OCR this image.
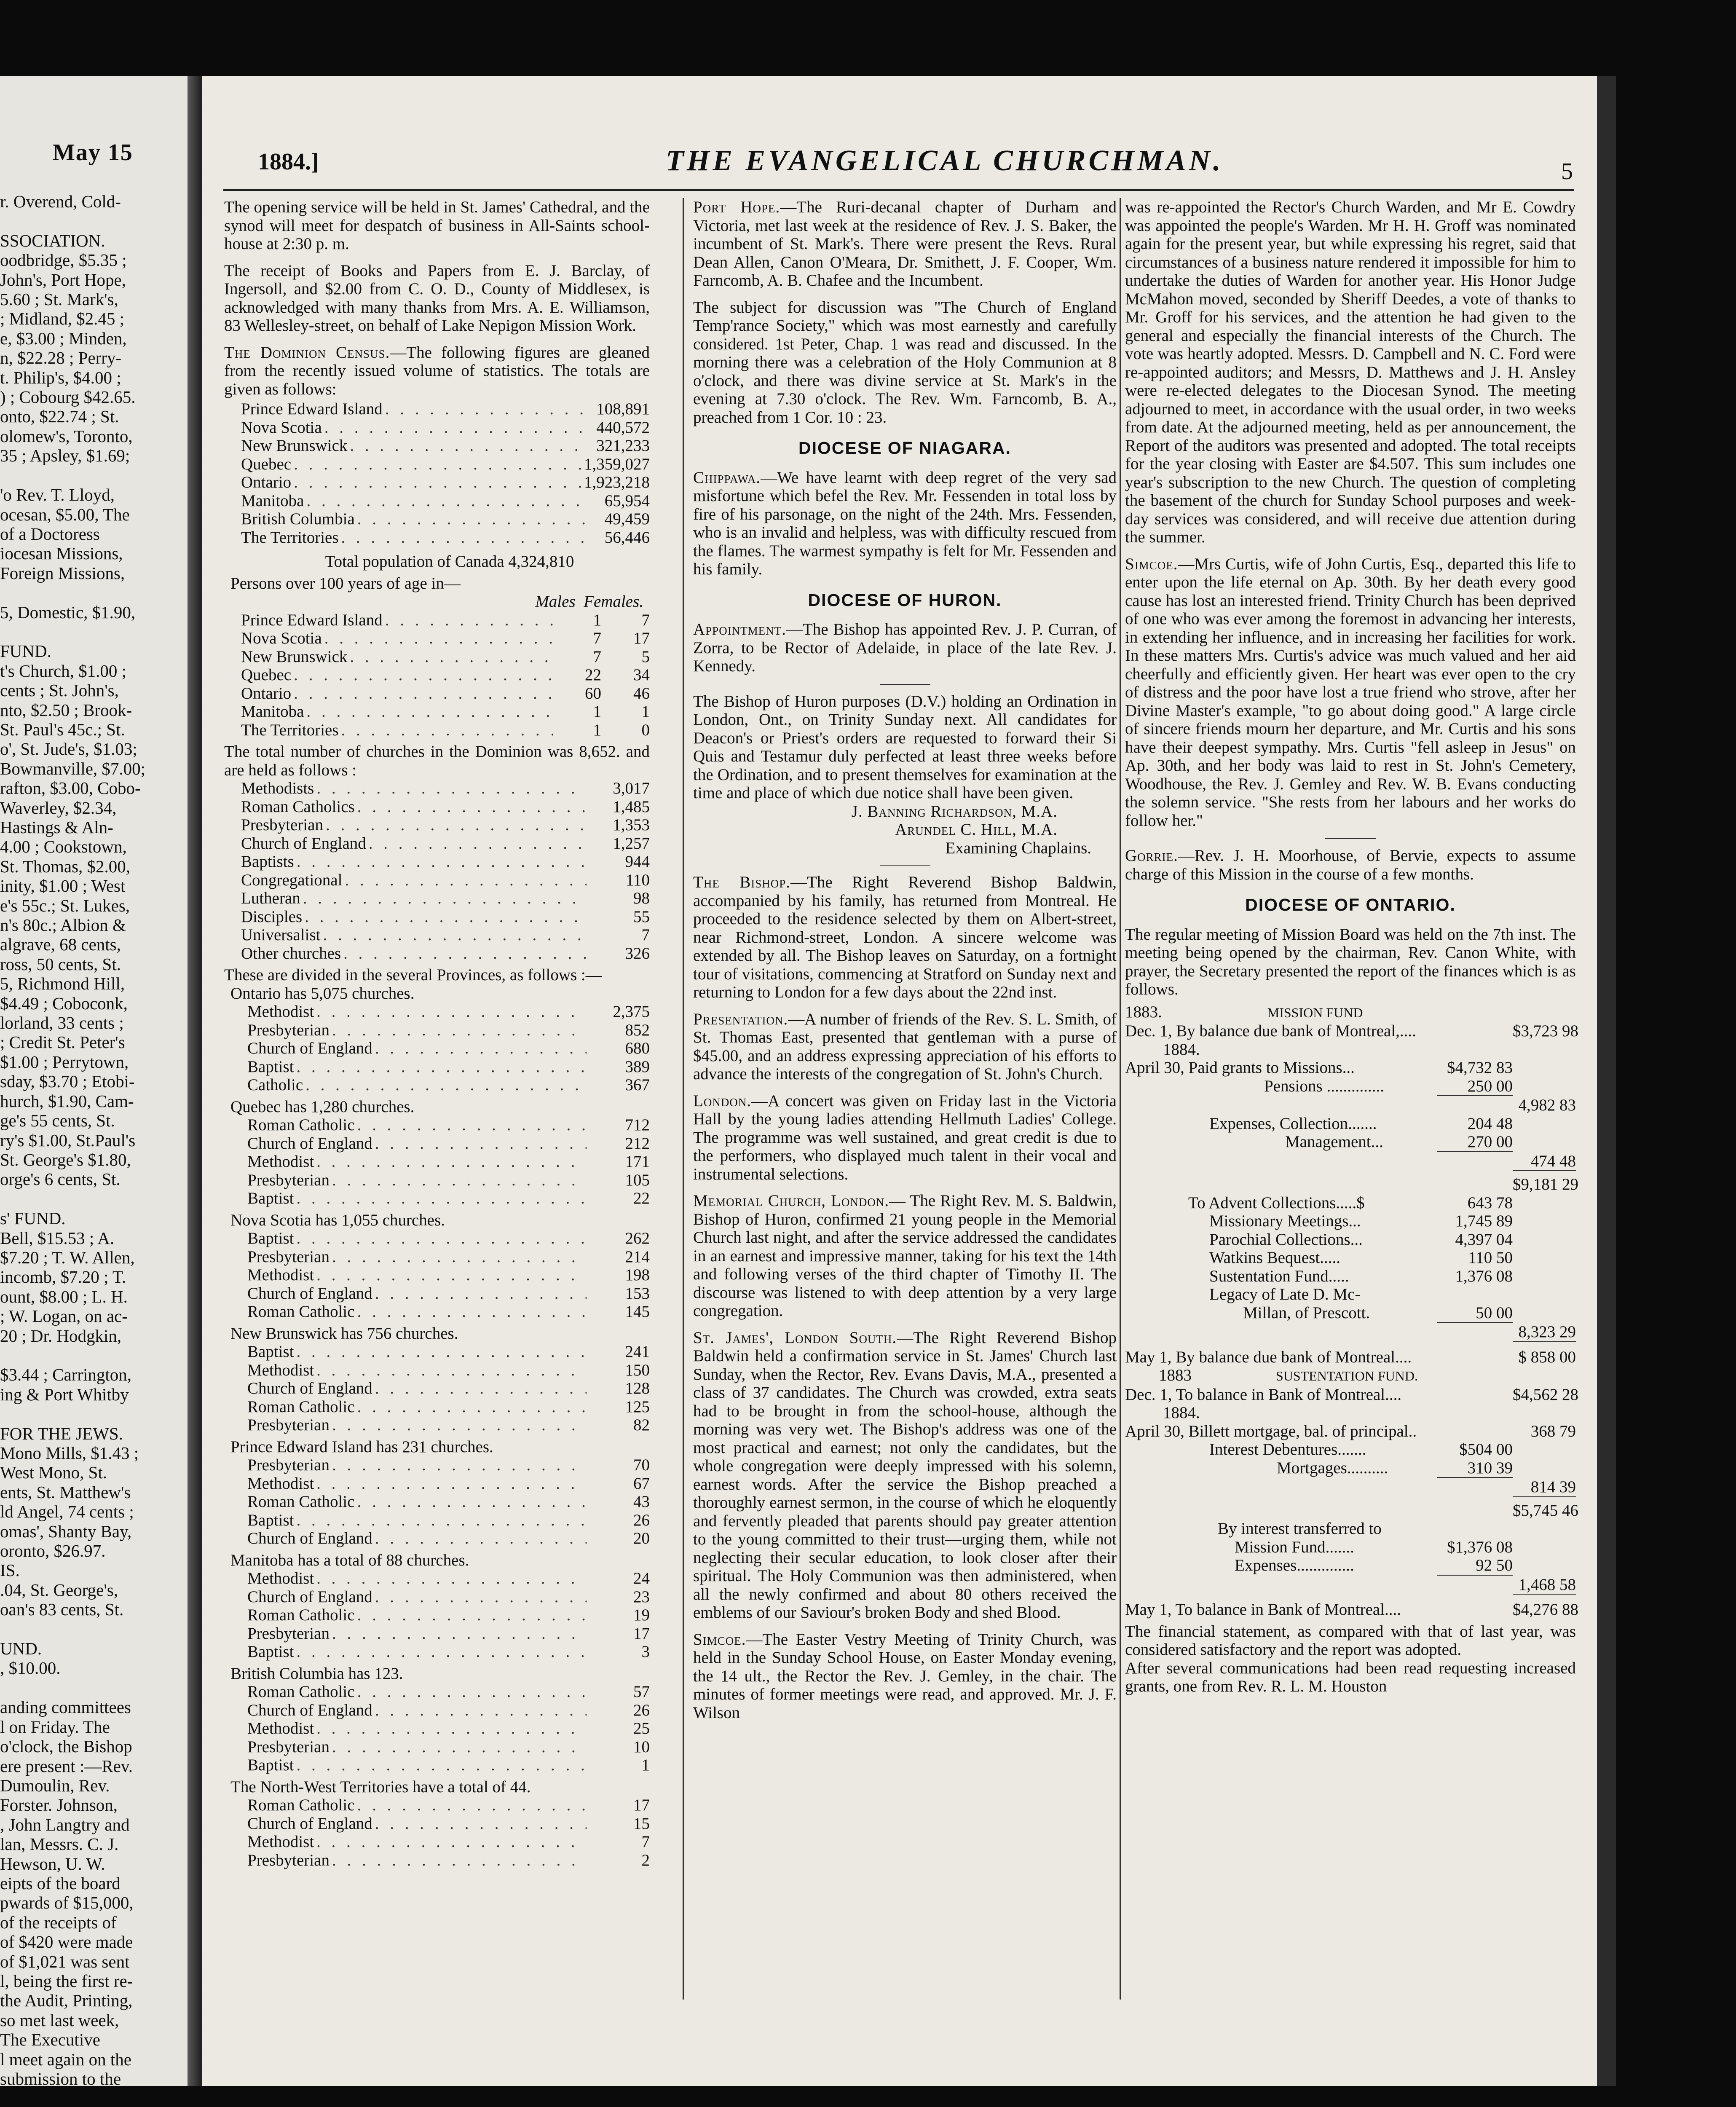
May 15
r. Overend, Cold-

SSOCIATION.
oodbridge, $5.35 ;
John's, Port Hope,
5.60 ; St. Mark's,
; Midland, $2.45 ;
e, $3.00 ; Minden,
n, $22.28 ; Perry-
t. Philip's, $4.00 ;
) ; Cobourg $42.65.
onto, $22.74 ; St.
olomew's, Toronto,
35 ; Apsley, $1.69;

'o Rev. T. Lloyd,
ocesan, $5.00, The
of a Doctoress
iocesan Missions,
Foreign Missions,

5, Domestic, $1.90,

FUND.
t's Church, $1.00 ;
cents ; St. John's,
nto, $2.50 ; Brook-
St. Paul's 45c.; St.
o', St. Jude's, $1.03;
Bowmanville, $7.00;
rafton, $3.00, Cobo-
Waverley, $2.34,
Hastings & Aln-
4.00 ; Cookstown,
St. Thomas, $2.00,
inity, $1.00 ; West
e's 55c.; St. Lukes,
n's 80c.; Albion &
algrave, 68 cents,
ross, 50 cents, St.
5, Richmond Hill,
$4.49 ; Coboconk,
lorland, 33 cents ;
; Credit St. Peter's
$1.00 ; Perrytown,
sday, $3.70 ; Etobi-
hurch, $1.90, Cam-
ge's 55 cents, St.
ry's $1.00, St.Paul's
St. George's $1.80,
orge's 6 cents, St.

s' FUND.
Bell, $15.53 ; A.
$7.20 ; T. W. Allen,
incomb, $7.20 ; T.
ount, $8.00 ; L. H.
; W. Logan, on ac-
20 ; Dr. Hodgkin,

$3.44 ; Carrington,
ing & Port Whitby

FOR THE JEWS.
Mono Mills, $1.43 ;
West Mono, St.
ents, St. Matthew's
ld Angel, 74 cents ;
omas', Shanty Bay,
oronto, $26.97.
IS.
.04, St. George's,
oan's 83 cents, St.

UND.
, $10.00.

anding committees
l on Friday. The
o'clock, the Bishop
ere present :—Rev.
Dumoulin, Rev.
Forster. Johnson,
, John Langtry and
lan, Messrs. C. J.
Hewson, U. W.
eipts of the board
pwards of $15,000,
of the receipts of
of $420 were made
of $1,021 was sent
l, being the first re-
the Audit, Printing,
so met last week,
The Executive
l meet again on the
submission to the
1884.]	THE EVANGELICAL CHURCHMAN.	5

The opening service will be held in St. James' Cathedral, and the synod will meet for despatch of business in All-Saints school-house at 2:30 p. m.

The receipt of Books and Papers from E. J. Barclay, of Ingersoll, and $2.00 from C. O. D., County of Middlesex, is acknowledged with many thanks from Mrs. A. E. Williamson, 83 Wellesley-street, on behalf of Lake Nepigon Mission Work.

The Dominion Census.—The following figures are gleaned from the recently issued volume of statistics. The totals are given as follows:

Prince Edward Island . . .	108,891
Nova Scotia . . .	440,572
New Brunswick . . .	321,233
Quebec . . .	1,359,027
Ontario . . .	1,923,218
Manitoba . . .	65,954
British Columbia . . .	49,459
The Territories . . .	56,446
Total population of Canada 4,324,810
Persons over 100 years of age in—
Males Females.
Prince Edward Island . . .	1	7
Nova Scotia . . .	7	17
New Brunswick . . .	7	5
Quebec . . .	22	34
Ontario . . .	60	46
Manitoba . . .	1	1
The Territories . . .	1	0

The total number of churches in the Dominion was 8,652. and are held as follows :

Methodists . . .	3,017
Roman Catholics . . .	1,485
Presbyterian . . .	1,353
Church of England . . .	1,257
Baptists . . .	944
Congregational . . .	110
Lutheran . . .	98
Disciples . . .	55
Universalist . . .	7
Other churches . . .	326

These are divided in the several Provinces, as follows :—

Ontario has 5,075 churches.
Methodist . . .	2,375
Presbyterian . . .	852
Church of England . . .	680
Baptist . . .	389
Catholic . . .	367
Quebec has 1,280 churches.
Roman Catholic . . .	712
Church of England . . .	212
Methodist . . .	171
Presbyterian . . .	105
Baptist . . .	22
Nova Scotia has 1,055 churches.
Baptist . . .	262
Presbyterian . . .	214
Methodist . . .	198
Church of England . . .	153
Roman Catholic . . .	145
New Brunswick has 756 churches.
Baptist . . .	241
Methodist . . .	150
Church of England . . .	128
Roman Catholic . . .	125
Presbyterian . . .	82
Prince Edward Island has 231 churches.
Presbyterian . . .	70
Methodist . . .	67
Roman Catholic . . .	43
Baptist . . .	26
Church of England . . .	20
Manitoba has a total of 88 churches.
Methodist . . .	24
Church of England . . .	23
Roman Catholic . . .	19
Presbyterian . . .	17
Baptist . . .	3
British Columbia has 123.
Roman Catholic . . .	57
Church of England . . .	26
Methodist . . .	25
Presbyterian . . .	10
Baptist . . .	1
The North-West Territories have a total of 44.
Roman Catholic . . .	17
Church of England . . .	15
Methodist . . .	7
Presbyterian . . .	2

Port Hope.—The Ruri-decanal chapter of Durham and Victoria, met last week at the residence of Rev. J. S. Baker, the incumbent of St. Mark's. There were present the Revs. Rural Dean Allen, Canon O'Meara, Dr. Smithett, J. F. Cooper, Wm. Farncomb, A. B. Chafee and the Incumbent.

The subject for discussion was "The Church of England Temp'rance Society," which was most earnestly and carefully considered. 1st Peter, Chap. 1 was read and discussed. In the morning there was a celebration of the Holy Communion at 8 o'clock, and there was divine service at St. Mark's in the evening at 7.30 o'clock. The Rev. Wm. Farncomb, B. A., preached from 1 Cor. 10 : 23.

DIOCESE OF NIAGARA.

Chippawa.—We have learnt with deep regret of the very sad misfortune which befel the Rev. Mr. Fessenden in total loss by fire of his parsonage, on the night of the 24th. Mrs. Fessenden, who is an invalid and helpless, was with difficulty rescued from the flames. The warmest sympathy is felt for Mr. Fessenden and his family.

DIOCESE OF HURON.

Appointment.—The Bishop has appointed Rev. J. P. Curran, of Zorra, to be Rector of Adelaide, in place of the late Rev. J. Kennedy.

The Bishop of Huron purposes (D.V.) holding an Ordination in London, Ont., on Trinity Sunday next. All candidates for Deacon's or Priest's orders are requested to forward their Si Quis and Testamur duly perfected at least three weeks before the Ordination, and to present themselves for examination at the time and place of which due notice shall have been given.

J. Banning Richardson, M.A.
Arundel C. Hill, M.A.
Examining Chaplains.

The Bishop.—The Right Reverend Bishop Baldwin, accompanied by his family, has returned from Montreal. He proceeded to the residence selected by them on Albert-street, near Richmond-street, London. A sincere welcome was extended by all. The Bishop leaves on Saturday, on a fortnight tour of visitations, commencing at Stratford on Sunday next and returning to London for a few days about the 22nd inst.

Presentation.—A number of friends of the Rev. S. L. Smith, of St. Thomas East, presented that gentleman with a purse of $45.00, and an address expressing appreciation of his efforts to advance the interests of the congregation of St. John's Church.

London.—A concert was given on Friday last in the Victoria Hall by the young ladies attending Hellmuth Ladies' College. The programme was well sustained, and great credit is due to the performers, who displayed much talent in their vocal and instrumental selections.

Memorial Church, London.— The Right Rev. M. S. Baldwin, Bishop of Huron, confirmed 21 young people in the Memorial Church last night, and after the service addressed the candidates in an earnest and impressive manner, taking for his text the 14th and following verses of the third chapter of Timothy II. The discourse was listened to with deep attention by a very large congregation.

St. James', London South.—The Right Reverend Bishop Baldwin held a confirmation service in St. James' Church last Sunday, when the Rector, Rev. Evans Davis, M.A., presented a class of 37 candidates. The Church was crowded, extra seats had to be brought in from the school-house, although the morning was very wet. The Bishop's address was one of the most practical and earnest; not only the candidates, but the whole congregation were deeply impressed with his solemn, earnest words. After the service the Bishop preached a thoroughly earnest sermon, in the course of which he eloquently and fervently pleaded that parents should pay greater attention to the young committed to their trust—urging them, while not neglecting their secular education, to look closer after their spiritual. The Holy Communion was then administered, when all the newly confirmed and about 80 others received the emblems of our Saviour's broken Body and shed Blood.

Simcoe.—The Easter Vestry Meeting of Trinity Church, was held in the Sunday School House, on Easter Monday evening, the 14 ult., the Rector the Rev. J. Gemley, in the chair. The minutes of former meetings were read, and approved. Mr. J. F. Wilson

was re-appointed the Rector's Church Warden, and Mr E. Cowdry was appointed the people's Warden. Mr H. H. Groff was nominated again for the present year, but while expressing his regret, said that circumstances of a business nature rendered it impossible for him to undertake the duties of Warden for another year. His Honor Judge McMahon moved, seconded by Sheriff Deedes, a vote of thanks to Mr. Groff for his services, and the attention he had given to the general and especially the financial interests of the Church. The vote was heartly adopted. Messrs. D. Campbell and N. C. Ford were re-appointed auditors; and Messrs, D. Matthews and J. H. Ansley were re-elected delegates to the Diocesan Synod. The meeting adjourned to meet, in accordance with the usual order, in two weeks from date. At the adjourned meeting, held as per announcement, the Report of the auditors was presented and adopted. The total receipts for the year closing with Easter are $4.507. This sum includes one year's subscription to the new Church. The question of completing the basement of the church for Sunday School purposes and week-day services was considered, and will receive due attention during the summer.

Simcoe.—Mrs Curtis, wife of John Curtis, Esq., departed this life to enter upon the life eternal on Ap. 30th. By her death every good cause has lost an interested friend. Trinity Church has been deprived of one who was ever among the foremost in advancing her interests, in extending her influence, and in increasing her facilities for work. In these matters Mrs. Curtis's advice was much valued and her aid cheerfully and efficiently given. Her heart was ever open to the cry of distress and the poor have lost a true friend who strove, after her Divine Master's example, "to go about doing good." A large circle of sincere friends mourn her departure, and Mr. Curtis and his sons have their deepest sympathy. Mrs. Curtis "fell asleep in Jesus" on Ap. 30th, and her body was laid to rest in St. John's Cemetery, Woodhouse, the Rev. J. Gemley and Rev. W. B. Evans conducting the solemn service. "She rests from her labours and her works do follow her."

Gorrie.—Rev. J. H. Moorhouse, of Bervie, expects to assume charge of this Mission in the course of a few months.

DIOCESE OF ONTARIO.

The regular meeting of Mission Board was held on the 7th inst. The meeting being opened by the chairman, Rev. Canon White, with prayer, the Secretary presented the report of the finances which is as follows.

1883.	MISSION FUND
Dec. 1, By balance due bank of Montreal,....	$3,723 98
1884.
April 30, Paid grants to Missions...	$4,732 83
Pensions ..............	250 00
4,982 83
Expenses, Collection.......	204 48
Management...	270 00
474 48
$9,181 29
To Advent Collections.....$	643 78
Missionary Meetings...	1,745 89
Parochial Collections...	4,397 04
Watkins Bequest.....	110 50
Sustentation Fund.....	1,376 08
Legacy of Late D. Mc-
Millan, of Prescott.	50 00
8,323 29
May 1, By balance due bank of Montreal....	$ 858 00
1883	SUSTENTATION FUND.
Dec. 1, To balance in Bank of Montreal....	$4,562 28
1884.
April 30, Billett mortgage, bal. of principal..	368 79
Interest Debentures.......	$504 00
Mortgages..........	310 39
814 39
$5,745 46
By interest transferred to
Mission Fund.......	$1,376 08
Expenses..............	92 50
1,468 58
May 1, To balance in Bank of Montreal....	$4,276 88

The financial statement, as compared with that of last year, was considered satisfactory and the report was adopted.

After several communications had been read requesting increased grants, one from Rev. R. L. M. Houston
